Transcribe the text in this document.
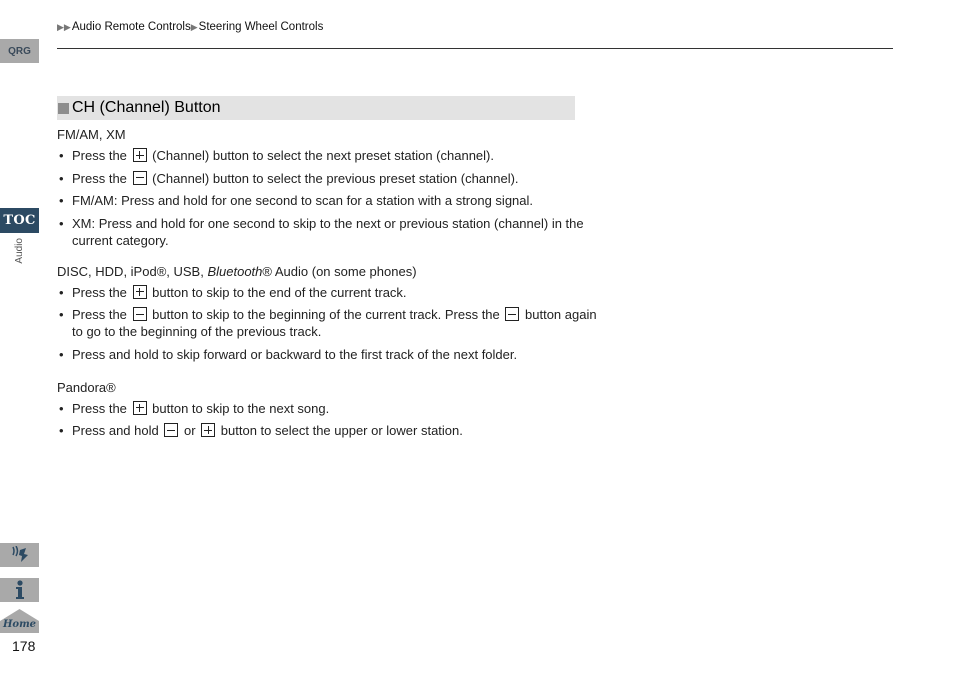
▶▶ Audio Remote Controls ▶ Steering Wheel Controls
QRG
TOC
Audio
Home
178
CH (Channel) Button
FM/AM, XM
• Press the (Channel) button to select the next preset station (channel).
• Press the (Channel) button to select the previous preset station (channel).
• FM/AM: Press and hold for one second to scan for a station with a strong signal.
• XM: Press and hold for one second to skip to the next or previous station (channel) in the current category.
DISC, HDD, iPod®, USB, Bluetooth® Audio (on some phones)
• Press the button to skip to the end of the current track.
• Press the button to skip to the beginning of the current track. Press the button again to go to the beginning of the previous track.
• Press and hold to skip forward or backward to the first track of the next folder.
Pandora®
• Press the button to skip to the next song.
• Press and hold or button to select the upper or lower station.
